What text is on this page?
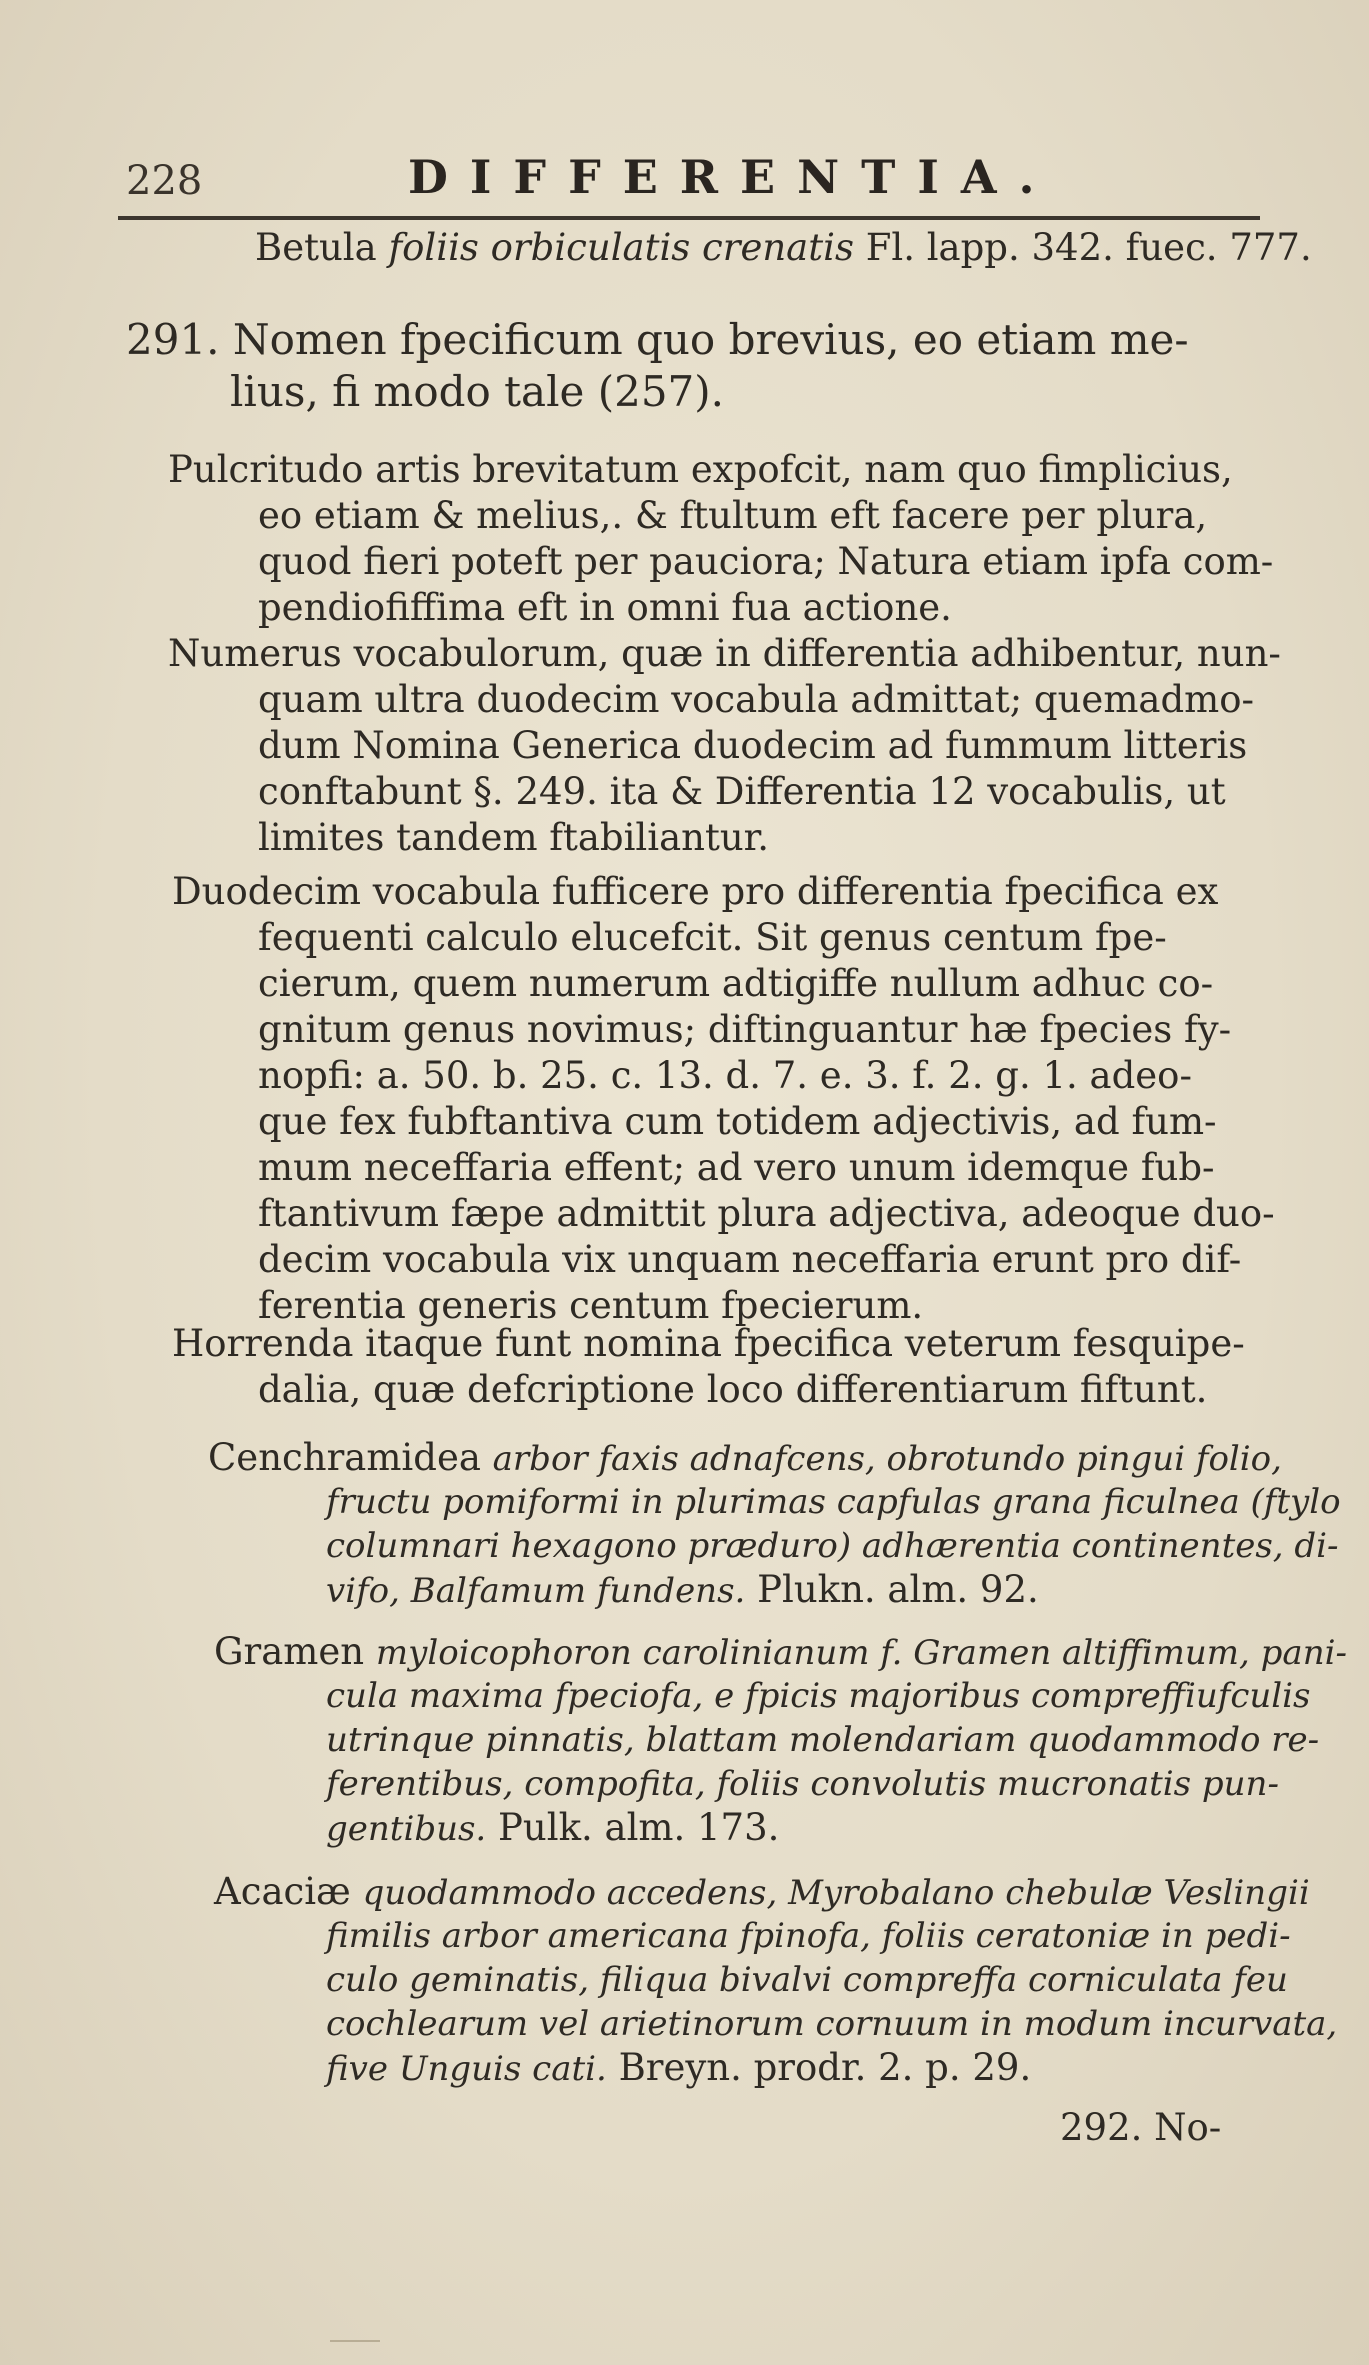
228	DIFFERENTIA.
Betula foliis orbiculatis crenatis Fl. lapp. 342. fuec. 777.
291. Nomen fpecificum quo brevius, eo etiam me-
lius, fi modo tale (257).
Pulcritudo artis brevitatum expofcit, nam quo fimplicius,
eo etiam & melius,. & ftultum eft facere per plura,
quod fieri poteft per pauciora; Natura etiam ipfa com-
pendiofiffima eft in omni fua actione.
Numerus vocabulorum, quæ in differentia adhibentur, nun-
quam ultra duodecim vocabula admittat; quemadmo-
dum Nomina Generica duodecim ad fummum litteris
conftabunt §. 249. ita & Differentia 12 vocabulis, ut
limites tandem ftabiliantur.
Duodecim vocabula fufficere pro differentia fpecifica ex
fequenti calculo elucefcit. Sit genus centum fpe-
cierum, quem numerum adtigiffe nullum adhuc co-
gnitum genus novimus; diftinguantur hæ fpecies fy-
nopfi: a. 50. b. 25. c. 13. d. 7. e. 3. f. 2. g. 1. adeo-
que fex fubftantiva cum totidem adjectivis, ad fum-
mum neceffaria effent; ad vero unum idemque fub-
ftantivum fæpe admittit plura adjectiva, adeoque duo-
decim vocabula vix unquam neceffaria erunt pro dif-
ferentia generis centum fpecierum.
Horrenda itaque funt nomina fpecifica veterum fesquipe-
dalia, quæ defcriptione loco differentiarum fiftunt.
Cenchramidea arbor faxis adnafcens, obrotundo pingui folio,
fructu pomiformi in plurimas capfulas grana ficulnea (ftylo
columnari hexagono præduro) adhærentia continentes, di-
vifo, Balfamum fundens. Plukn. alm. 92.
Gramen myloicophoron carolinianum f. Gramen altiffimum, pani-
cula maxima fpeciofa, e fpicis majoribus compreffiufculis
utrinque pinnatis, blattam molendariam quodammodo re-
ferentibus, compofita, foliis convolutis mucronatis pun-
gentibus. Pulk. alm. 173.
Acaciæ quodammodo accedens, Myrobalano chebulæ Veslingii
fimilis arbor americana fpinofa, foliis ceratoniæ in pedi-
culo geminatis, filiqua bivalvi compreffa corniculata feu
cochlearum vel arietinorum cornuum in modum incurvata,
five Unguis cati. Breyn. prodr. 2. p. 29.
292. No-
